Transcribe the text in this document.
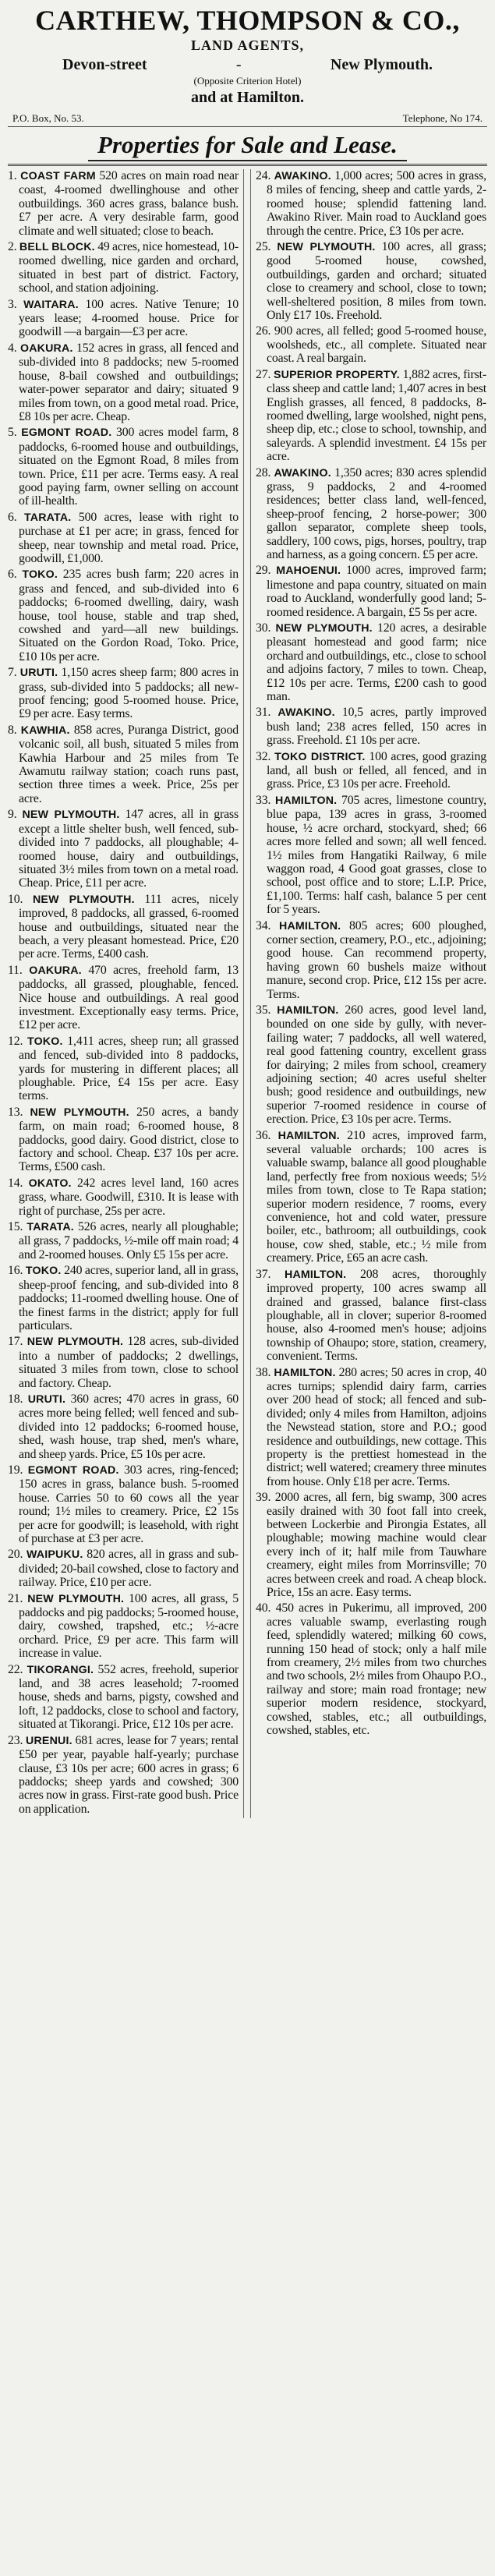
CARTHEW, THOMPSON & CO.,
LAND AGENTS,
Devon-street	-	New Plymouth.
(Opposite Criterion Hotel)
and at Hamilton.
P.O. Box, No. 53.	Telephone, No 174.
Properties for Sale and Lease.

1. COAST FARM 520 acres on main road near coast, 4-roomed dwellinghouse and other outbuildings. 360 acres grass, balance bush. £7 per acre. A very desirable farm, good climate and well situated; close to beach.

2. BELL BLOCK. 49 acres, nice homestead, 10-roomed dwelling, nice garden and orchard, situated in best part of district. Factory, school, and station adjoining.

3. WAITARA. 100 acres. Native Tenure; 10 years lease; 4-roomed house. Price for goodwill —a bargain—£3 per acre.

4. OAKURA. 152 acres in grass, all fenced and sub-divided into 8 paddocks; new 5-roomed house, 8-bail cowshed and outbuildings; water-power separator and dairy; situated 9 miles from town, on a good metal road. Price, £8 10s per acre. Cheap.

5. EGMONT ROAD. 300 acres model farm, 8 paddocks, 6-roomed house and outbuildings, situated on the Egmont Road, 8 miles from town. Price, £11 per acre. Terms easy. A real good paying farm, owner selling on account of ill-health.

6. TARATA. 500 acres, lease with right to purchase at £1 per acre; in grass, fenced for sheep, near township and metal road. Price, goodwill, £1,000.

6. TOKO. 235 acres bush farm; 220 acres in grass and fenced, and sub-divided into 6 paddocks; 6-roomed dwelling, dairy, wash house, tool house, stable and trap shed, cowshed and yard—all new buildings. Situated on the Gordon Road, Toko. Price, £10 10s per acre.

7. URUTI. 1,150 acres sheep farm; 800 acres in grass, sub-divided into 5 paddocks; all new-proof fencing; good 5-roomed house. Price, £9 per acre. Easy terms.

8. KAWHIA. 858 acres, Puranga District, good volcanic soil, all bush, situated 5 miles from Kawhia Harbour and 25 miles from Te Awamutu railway station; coach runs past, section three times a week. Price, 25s per acre.

9. NEW PLYMOUTH. 147 acres, all in grass except a little shelter bush, well fenced, sub-divided into 7 paddocks, all ploughable; 4-roomed house, dairy and outbuildings, situated 3½ miles from town on a metal road. Cheap. Price, £11 per acre.

10. NEW PLYMOUTH. 111 acres, nicely improved, 8 paddocks, all grassed, 6-roomed house and outbuildings, situated near the beach, a very pleasant homestead. Price, £20 per acre. Terms, £400 cash.

11. OAKURA. 470 acres, freehold farm, 13 paddocks, all grassed, ploughable, fenced. Nice house and outbuildings. A real good investment. Exceptionally easy terms. Price, £12 per acre.

12. TOKO. 1,411 acres, sheep run; all grassed and fenced, sub-divided into 8 paddocks, yards for mustering in different places; all ploughable. Price, £4 15s per acre. Easy terms.

13. NEW PLYMOUTH. 250 acres, a bandy farm, on main road; 6-roomed house, 8 paddocks, good dairy. Good district, close to factory and school. Cheap. £37 10s per acre. Terms, £500 cash.

14. OKATO. 242 acres level land, 160 acres grass, whare. Goodwill, £310. It is lease with right of purchase, 25s per acre.

15. TARATA. 526 acres, nearly all ploughable; all grass, 7 paddocks, ½-mile off main road; 4 and 2-roomed houses. Only £5 15s per acre.

16. TOKO. 240 acres, superior land, all in grass, sheep-proof fencing, and sub-divided into 8 paddocks; 11-roomed dwelling house. One of the finest farms in the district; apply for full particulars.

17. NEW PLYMOUTH. 128 acres, sub-divided into a number of paddocks; 2 dwellings, situated 3 miles from town, close to school and factory. Cheap.

18. URUTI. 360 acres; 470 acres in grass, 60 acres more being felled; well fenced and sub-divided into 12 paddocks; 6-roomed house, shed, wash house, trap shed, men's whare, and sheep yards. Price, £5 10s per acre.

19. EGMONT ROAD. 303 acres, ring-fenced; 150 acres in grass, balance bush. 5-roomed house. Carries 50 to 60 cows all the year round; 1½ miles to creamery. Price, £2 15s per acre for goodwill; is leasehold, with right of purchase at £3 per acre.

20. WAIPUKU. 820 acres, all in grass and sub-divided; 20-bail cowshed, close to factory and railway. Price, £10 per acre.

21. NEW PLYMOUTH. 100 acres, all grass, 5 paddocks and pig paddocks; 5-roomed house, dairy, cowshed, trapshed, etc.; ½-acre orchard. Price, £9 per acre. This farm will increase in value.

22. TIKORANGI. 552 acres, freehold, superior land, and 38 acres leasehold; 7-roomed house, sheds and barns, pigsty, cowshed and loft, 12 paddocks, close to school and factory, situated at Tikorangi. Price, £12 10s per acre.

23. URENUI. 681 acres, lease for 7 years; rental £50 per year, payable half-yearly; purchase clause, £3 10s per acre; 600 acres in grass; 6 paddocks; sheep yards and cowshed; 300 acres now in grass. First-rate good bush. Price on application.

24. AWAKINO. 1,000 acres; 500 acres in grass, 8 miles of fencing, sheep and cattle yards, 2-roomed house; splendid fattening land. Awakino River. Main road to Auckland goes through the centre. Price, £3 10s per acre.

25. NEW PLYMOUTH. 100 acres, all grass; good 5-roomed house, cowshed, outbuildings, garden and orchard; situated close to creamery and school, close to town; well-sheltered position, 8 miles from town. Only £17 10s. Freehold.

26. 900 acres, all felled; good 5-roomed house, woolsheds, etc., all complete. Situated near coast. A real bargain.

27. SUPERIOR PROPERTY. 1,882 acres, first-class sheep and cattle land; 1,407 acres in best English grasses, all fenced, 8 paddocks, 8-roomed dwelling, large woolshed, night pens, sheep dip, etc.; close to school, township, and saleyards. A splendid investment. £4 15s per acre.

28. AWAKINO. 1,350 acres; 830 acres splendid grass, 9 paddocks, 2 and 4-roomed residences; better class land, well-fenced, sheep-proof fencing, 2 horse-power; 300 gallon separator, complete sheep tools, saddlery, 100 cows, pigs, horses, poultry, trap and harness, as a going concern. £5 per acre.

29. MAHOENUI. 1000 acres, improved farm; limestone and papa country, situated on main road to Auckland, wonderfully good land; 5-roomed residence. A bargain, £5 5s per acre.

30. NEW PLYMOUTH. 120 acres, a desirable pleasant homestead and good farm; nice orchard and outbuildings, etc., close to school and adjoins factory, 7 miles to town. Cheap, £12 10s per acre. Terms, £200 cash to good man.

31. AWAKINO. 10,5 acres, partly improved bush land; 238 acres felled, 150 acres in grass. Freehold. £1 10s per acre.

32. TOKO DISTRICT. 100 acres, good grazing land, all bush or felled, all fenced, and in grass. Price, £3 10s per acre. Freehold.

33. HAMILTON. 705 acres, limestone country, blue papa, 139 acres in grass, 3-roomed house, ½ acre orchard, stockyard, shed; 66 acres more felled and sown; all well fenced. 1½ miles from Hangatiki Railway, 6 mile waggon road, 4 Good goat grasses, close to school, post office and to store; L.I.P. Price, £1,100. Terms: half cash, balance 5 per cent for 5 years.

34. HAMILTON. 805 acres; 600 ploughed, corner section, creamery, P.O., etc., adjoining; good house. Can recommend property, having grown 60 bushels maize without manure, second crop. Price, £12 15s per acre. Terms.

35. HAMILTON. 260 acres, good level land, bounded on one side by gully, with never-failing water; 7 paddocks, all well watered, real good fattening country, excellent grass for dairying; 2 miles from school, creamery adjoining section; 40 acres useful shelter bush; good residence and outbuildings, new superior 7-roomed residence in course of erection. Price, £3 10s per acre. Terms.

36. HAMILTON. 210 acres, improved farm, several valuable orchards; 100 acres is valuable swamp, balance all good ploughable land, perfectly free from noxious weeds; 5½ miles from town, close to Te Rapa station; superior modern residence, 7 rooms, every convenience, hot and cold water, pressure boiler, etc., bathroom; all outbuildings, cook house, cow shed, stable, etc.; ½ mile from creamery. Price, £65 an acre cash.

37. HAMILTON. 208 acres, thoroughly improved property, 100 acres swamp all drained and grassed, balance first-class ploughable, all in clover; superior 8-roomed house, also 4-roomed men's house; adjoins township of Ohaupo; store, station, creamery, convenient. Terms.

38. HAMILTON. 280 acres; 50 acres in crop, 40 acres turnips; splendid dairy farm, carries over 200 head of stock; all fenced and sub-divided; only 4 miles from Hamilton, adjoins the Newstead station, store and P.O.; good residence and outbuildings, new cottage. This property is the prettiest homestead in the district; well watered; creamery three minutes from house. Only £18 per acre. Terms.

39. 2000 acres, all fern, big swamp, 300 acres easily drained with 30 foot fall into creek, between Lockerbie and Pirongia Estates, all ploughable; mowing machine would clear every inch of it; half mile from Tauwhare creamery, eight miles from Morrinsville; 70 acres between creek and road. A cheap block. Price, 15s an acre. Easy terms.

40. 450 acres in Pukerimu, all improved, 200 acres valuable swamp, everlasting rough feed, splendidly watered; milking 60 cows, running 150 head of stock; only a half mile from creamery, 2½ miles from two churches and two schools, 2½ miles from Ohaupo P.O., railway and store; main road frontage; new superior modern residence, stockyard, cowshed, stables, etc.; all outbuildings, cowshed, stables, etc.
